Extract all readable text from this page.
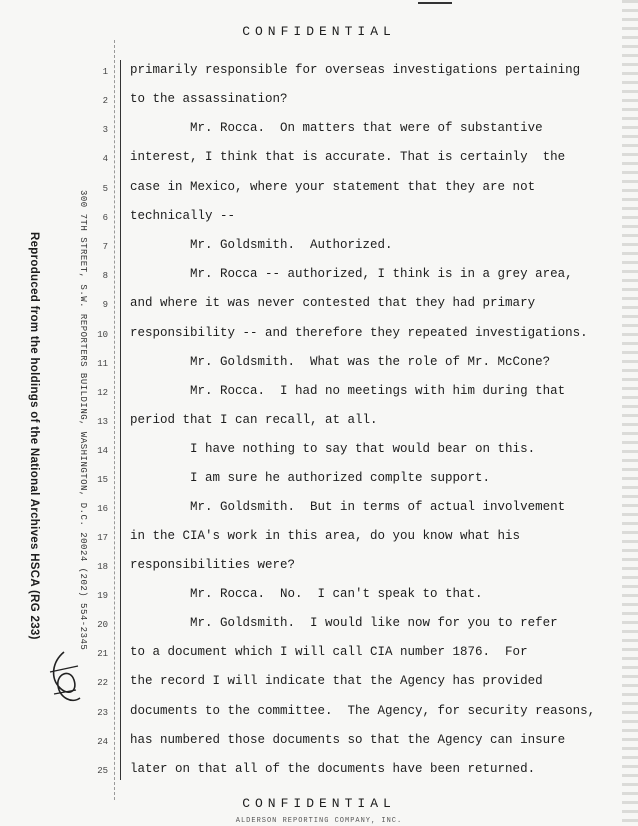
CONFIDENTIAL
Reproduced from the holdings of the National Archives HSCA (RG 233)	300 7TH STREET, S.W. REPORTERS BUILDING, WASHINGTON, D.C. 20024 (202) 554-2345
1 primarily responsible for overseas investigations pertaining
2 to the assassination?
3 Mr. Rocca.  On matters that were of substantive
4 interest, I think that is accurate. That is certainly  the
5 case in Mexico, where your statement that they are not
6 technically --
7 Mr. Goldsmith.  Authorized.
8 Mr. Rocca -- authorized, I think is in a grey area,
9 and where it was never contested that they had primary
10 responsibility -- and therefore they repeated investigations.
11 Mr. Goldsmith.  What was the role of Mr. McCone?
12 Mr. Rocca.  I had no meetings with him during that
13 period that I can recall, at all.
14 I have nothing to say that would bear on this.
15 I am sure he authorized complte support.
16 Mr. Goldsmith.  But in terms of actual involvement
17 in the CIA's work in this area, do you know what his
18 responsibilities were?
19 Mr. Rocca.  No.  I can't speak to that.
20 Mr. Goldsmith.  I would like now for you to refer
21 to a document which I will call CIA number 1876.  For
22 the record I will indicate that the Agency has provided
23 documents to the committee.  The Agency, for security reasons,
24 has numbered those documents so that the Agency can insure
25 later on that all of the documents have been returned.
CONFIDENTIAL
ALDERSON REPORTING COMPANY, INC.
